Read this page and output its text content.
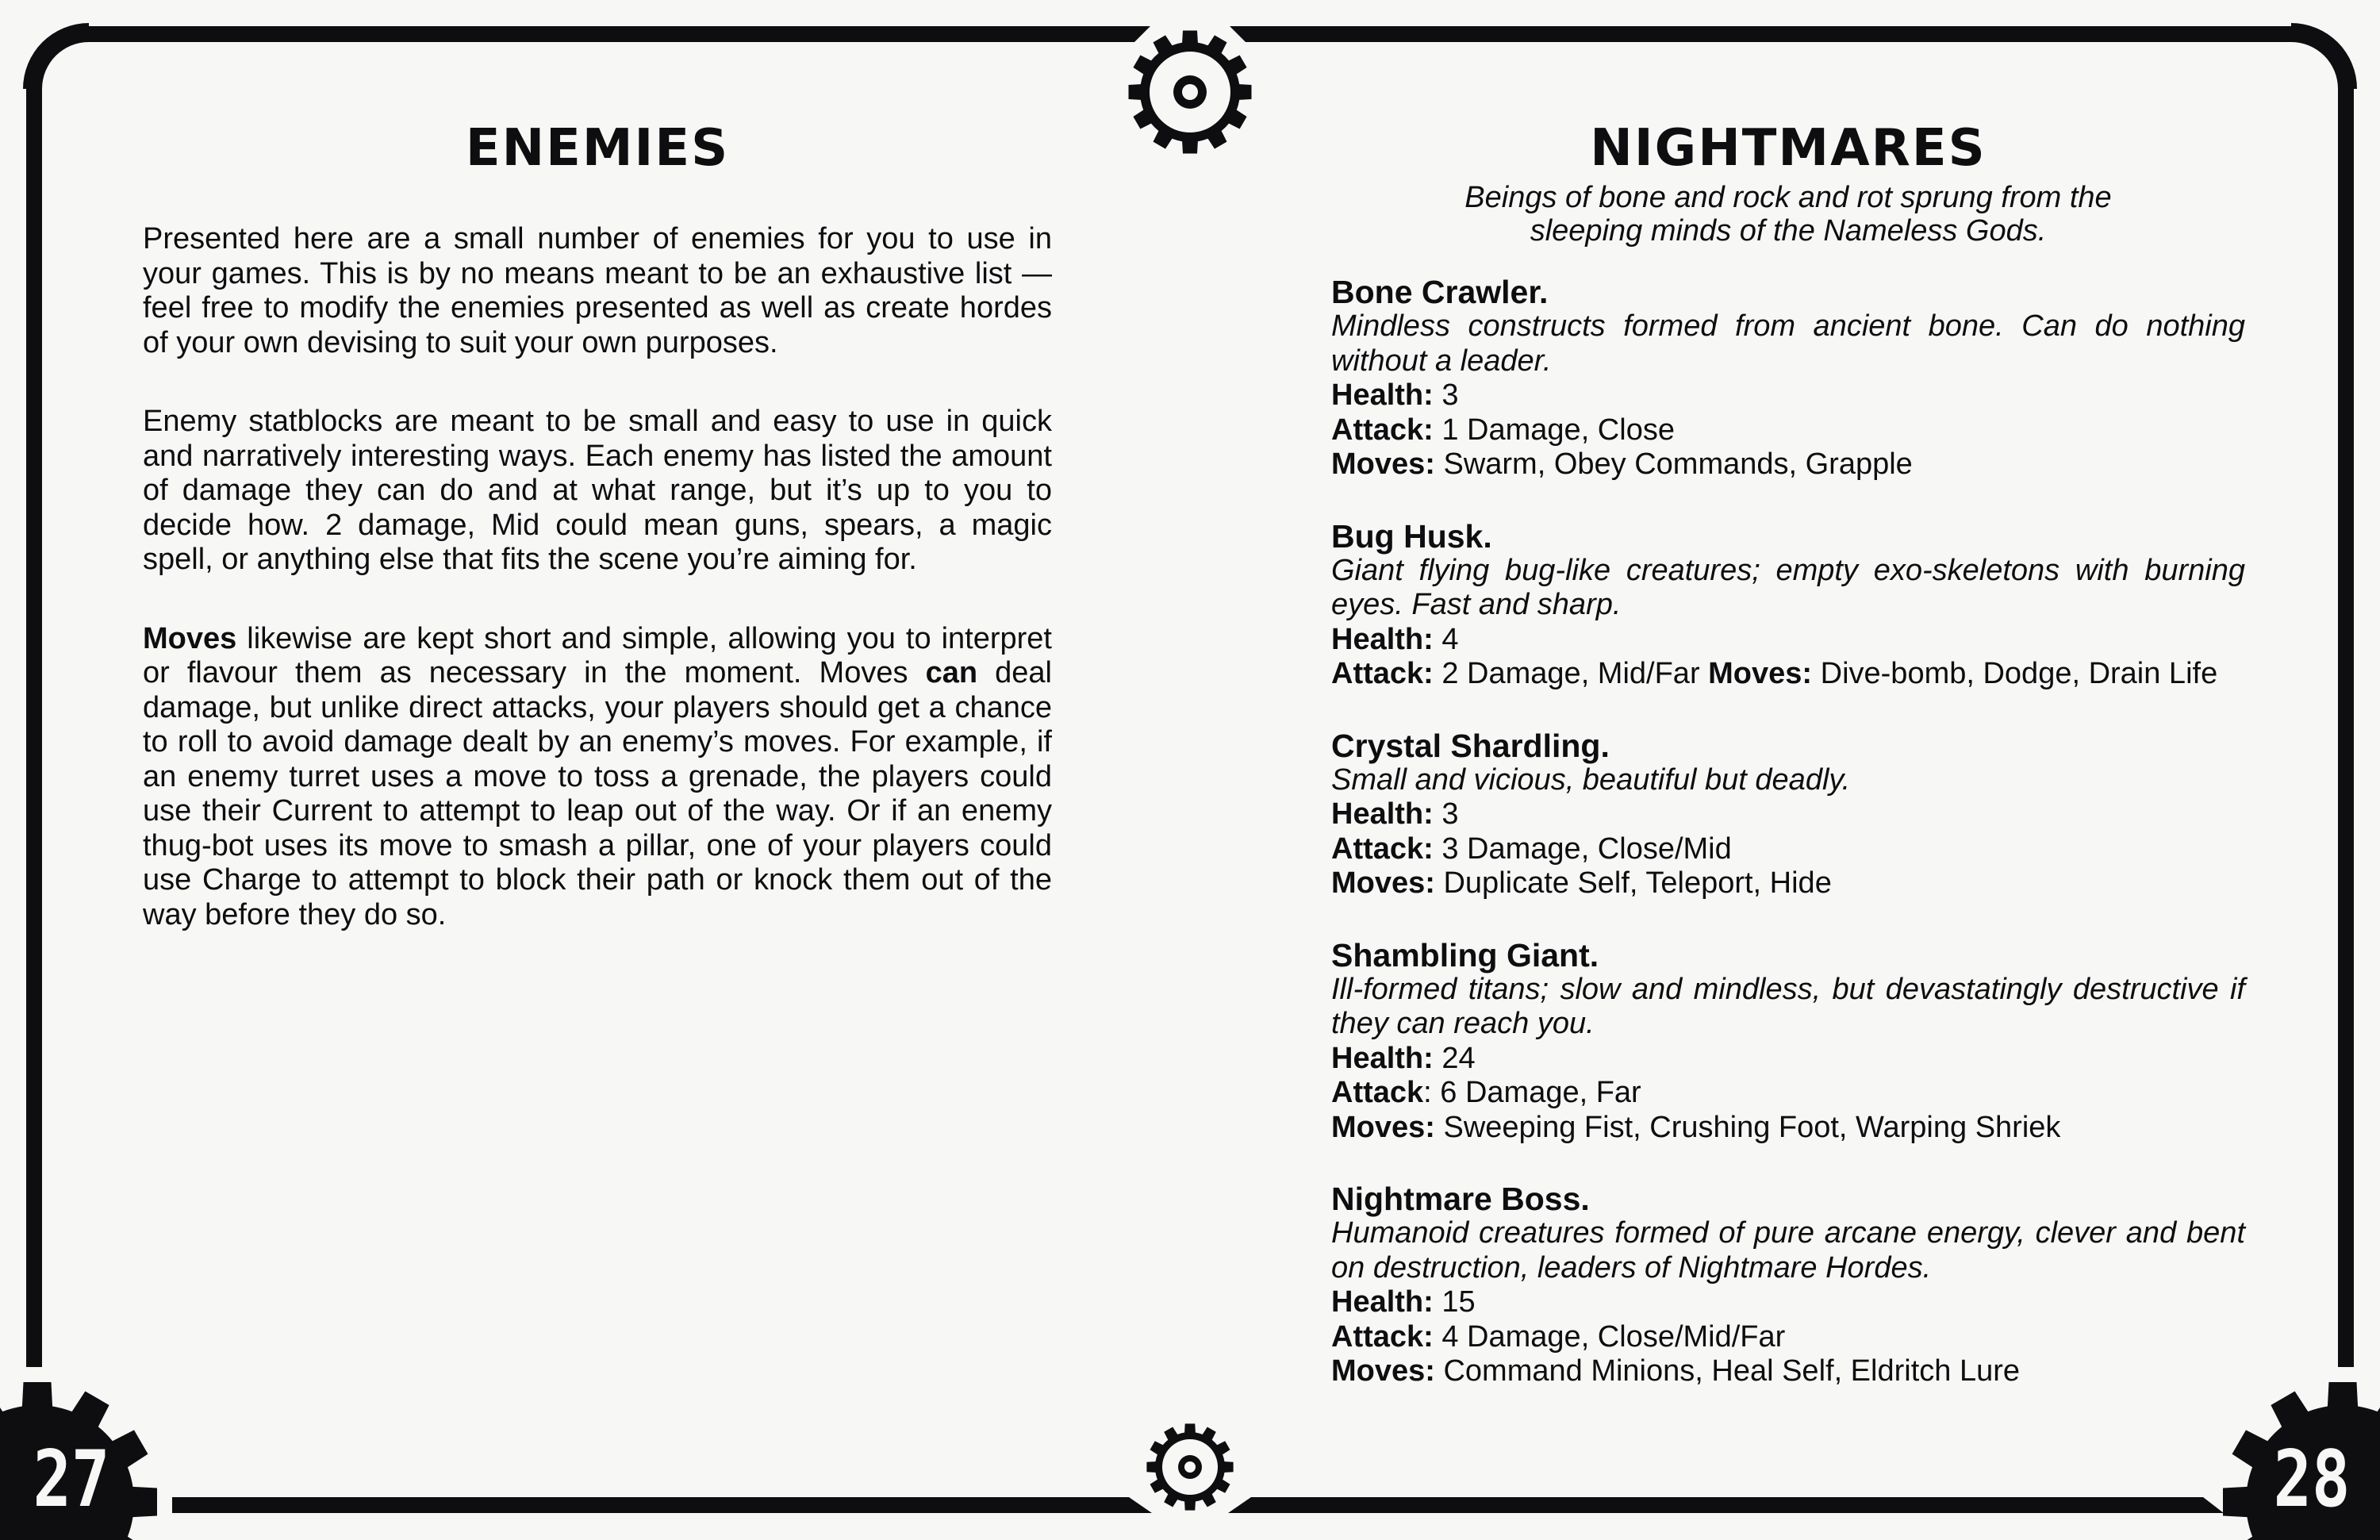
27	28
ENEMIES

Presented here are a small number of enemies for you to use in your games. This is by no means meant to be an exhaustive list — feel free to modify the enemies presented as well as create hordes of your own devising to suit your own purposes.

Enemy statblocks are meant to be small and easy to use in quick and narratively interesting ways. Each enemy has listed the amount of damage they can do and at what range, but it’s up to you to decide how. 2 damage, Mid could mean guns, spears, a magic spell, or anything else that fits the scene you’re aiming for.

Moves likewise are kept short and simple, allowing you to interpret or flavour them as necessary in the moment. Moves can deal damage, but unlike direct attacks, your players should get a chance to roll to avoid damage dealt by an enemy’s moves. For example, if an enemy turret uses a move to toss a grenade, the players could use their Current to attempt to leap out of the way. Or if an enemy thug-bot uses its move to smash a pillar, one of your players could use Charge to attempt to block their path or knock them out of the way before they do so.

NIGHTMARES

Beings of bone and rock and rot sprung from the sleeping minds of the Nameless Gods.

Bone Crawler.

Mindless constructs formed from ancient bone. Can do nothing without a leader.

Health: 3

Attack: 1 Damage, Close

Moves: Swarm, Obey Commands, Grapple

Bug Husk.

Giant flying bug-like creatures; empty exo-skeletons with burning eyes. Fast and sharp.

Health: 4

Attack: 2 Damage, Mid/Far Moves: Dive-bomb, Dodge, Drain Life

Crystal Shardling.

Small and vicious, beautiful but deadly.

Health: 3

Attack: 3 Damage, Close/Mid

Moves: Duplicate Self, Teleport, Hide

Shambling Giant.

Ill-formed titans; slow and mindless, but devastatingly destructive if they can reach you.

Health: 24

Attack: 6 Damage, Far

Moves: Sweeping Fist, Crushing Foot, Warping Shriek

Nightmare Boss.

Humanoid creatures formed of pure arcane energy, clever and bent on destruction, leaders of Nightmare Hordes.

Health: 15

Attack: 4 Damage, Close/Mid/Far

Moves: Command Minions, Heal Self, Eldritch Lure
